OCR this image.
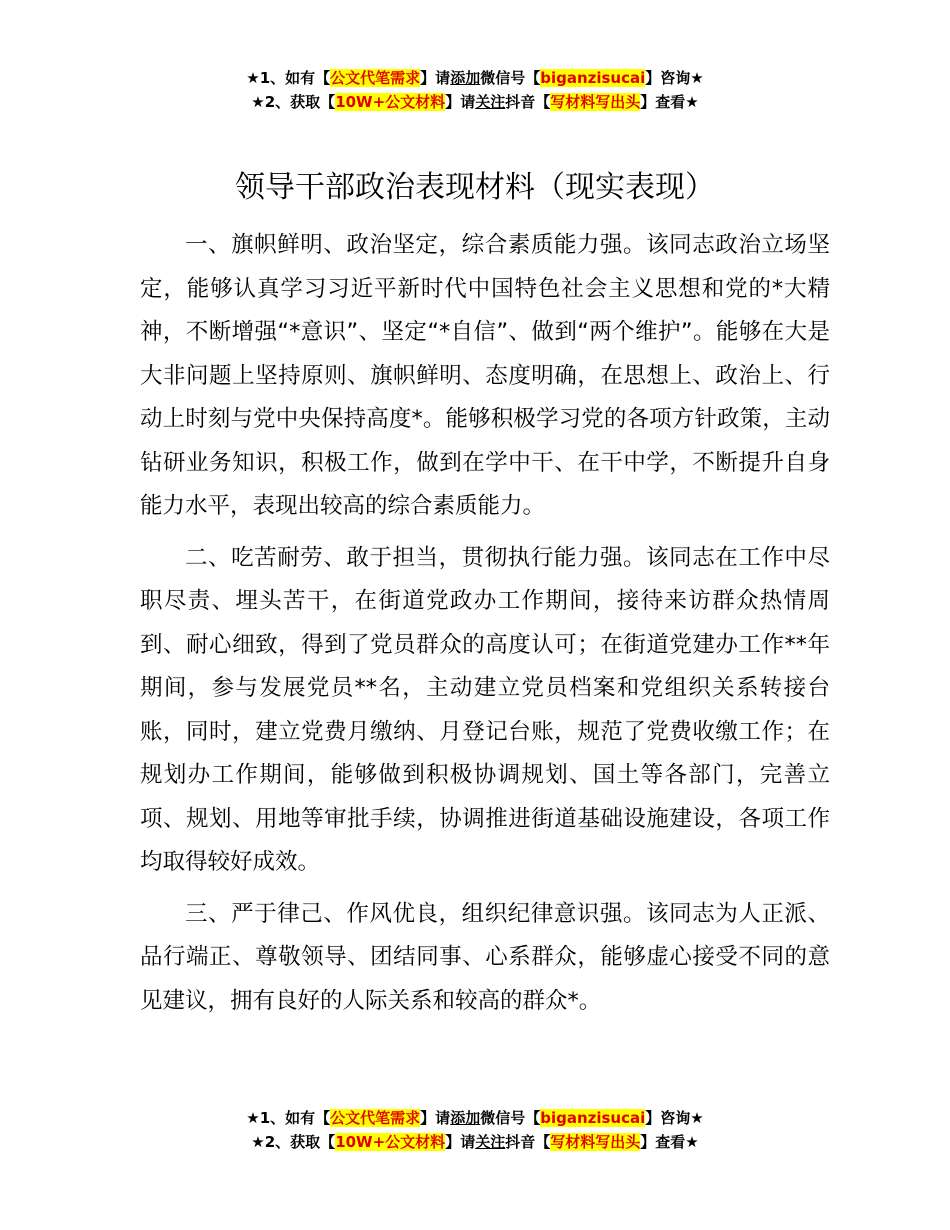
★1、如有【公文代笔需求】请添加微信号【biganzisucai】咨询★
★2、获取【10W+公文材料】请关注抖音【写材料写出头】查看★
领导干部政治表现材料（现实表现）

一、旗帜鲜明、政治坚定，综合素质能力强。该同志政治立场坚定，能够认真学习习近平新时代中国特色社会主义思想和党的*大精神，不断增强“*意识”、坚定“*自信”、做到“两个维护”。能够在大是大非问题上坚持原则、旗帜鲜明、态度明确，在思想上、政治上、行动上时刻与党中央保持高度*。能够积极学习党的各项方针政策，主动钻研业务知识，积极工作，做到在学中干、在干中学，不断提升自身能力水平，表现出较高的综合素质能力。

二、吃苦耐劳、敢于担当，贯彻执行能力强。该同志在工作中尽职尽责、埋头苦干，在街道党政办工作期间，接待来访群众热情周到、耐心细致，得到了党员群众的高度认可；在街道党建办工作**年期间，参与发展党员**名，主动建立党员档案和党组织关系转接台账，同时，建立党费月缴纳、月登记台账，规范了党费收缴工作；在规划办工作期间，能够做到积极协调规划、国土等各部门，完善立项、规划、用地等审批手续，协调推进街道基础设施建设，各项工作均取得较好成效。

三、严于律己、作风优良，组织纪律意识强。该同志为人正派、品行端正、尊敬领导、团结同事、心系群众，能够虚心接受不同的意见建议，拥有良好的人际关系和较高的群众*。

★1、如有【公文代笔需求】请添加微信号【biganzisucai】咨询★
★2、获取【10W+公文材料】请关注抖音【写材料写出头】查看★
